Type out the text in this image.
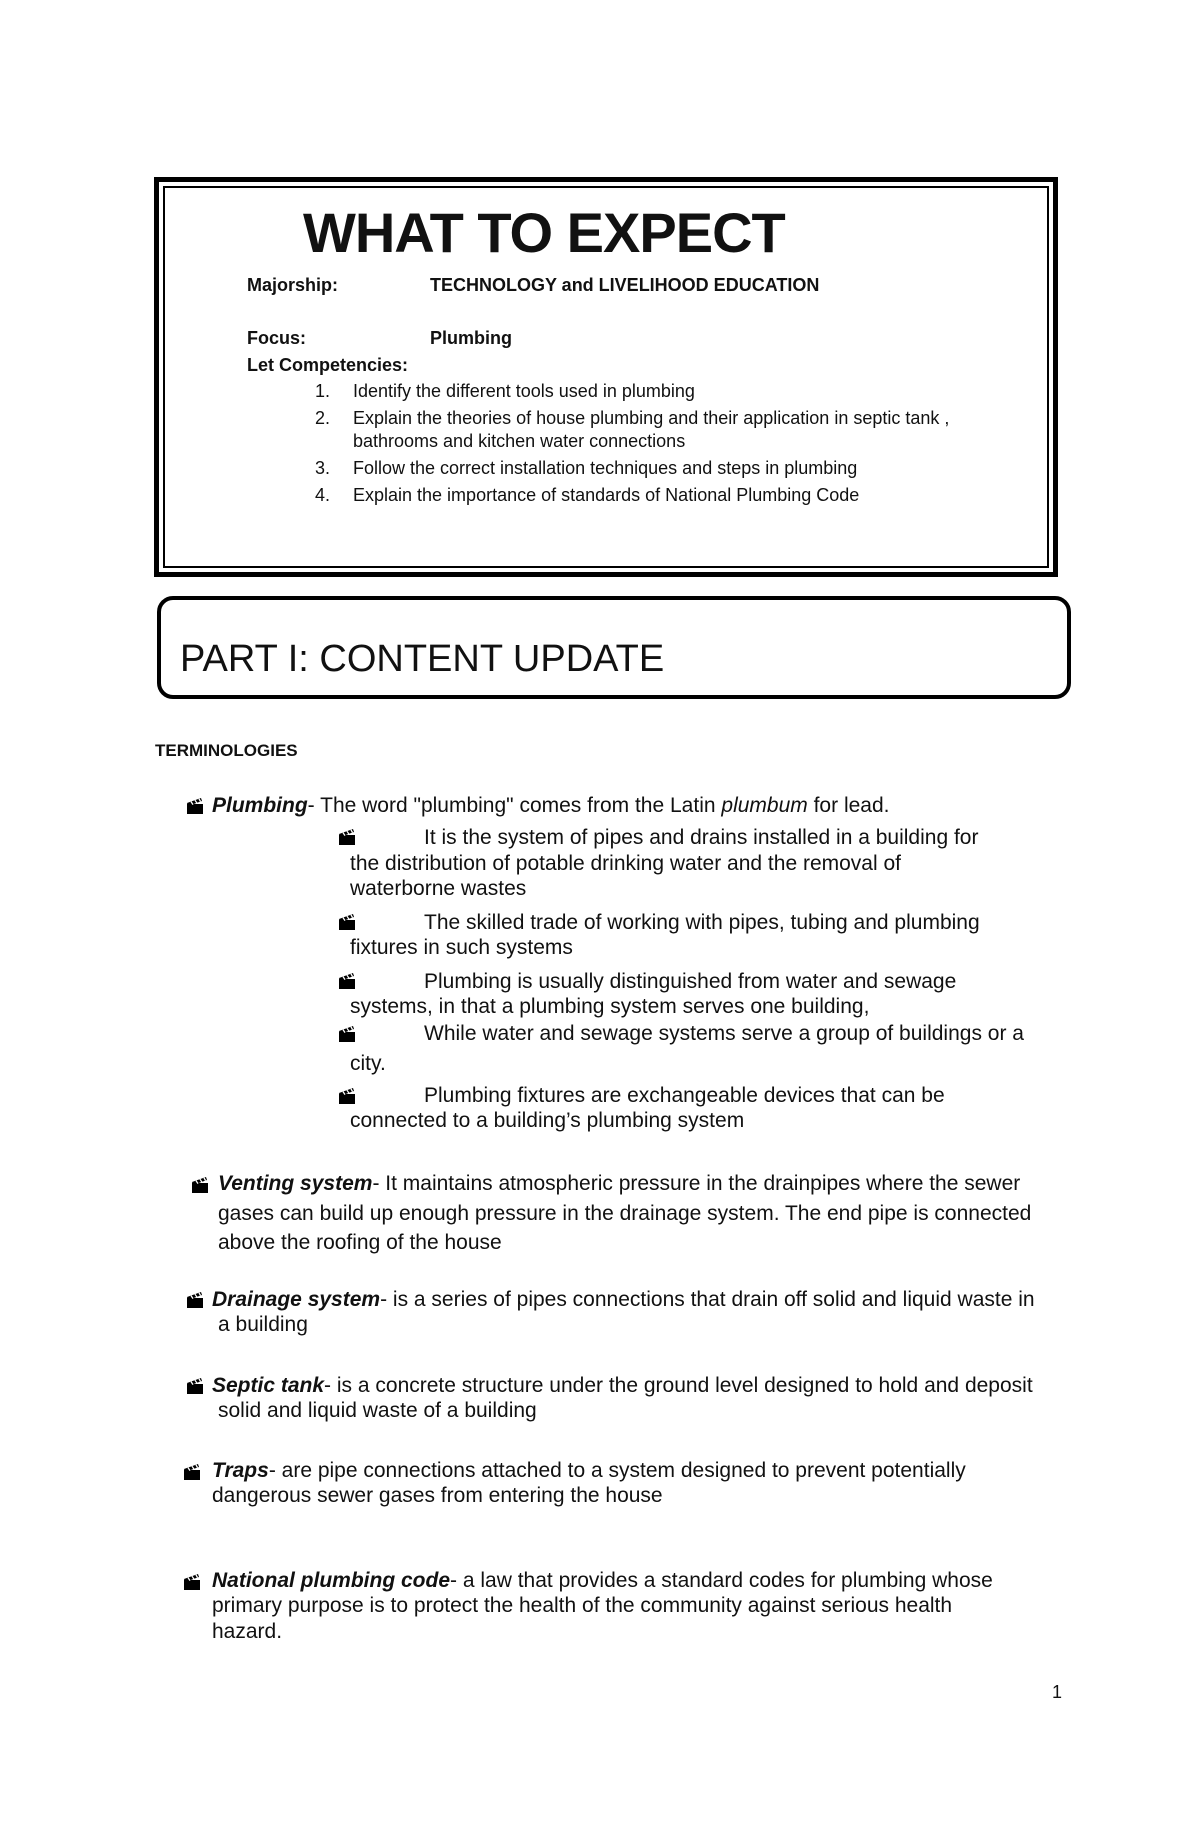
WHAT TO EXPECT
Majorship:	TECHNOLOGY and LIVELIHOOD EDUCATION
Focus:	Plumbing
Let Competencies:
1. Identify the different tools used in plumbing
2. Explain the theories of house plumbing and their application in septic tank ,
bathrooms and kitchen water connections
3. Follow the correct installation techniques and steps in plumbing
4. Explain the importance of standards of National Plumbing Code
PART I: CONTENT UPDATE
TERMINOLOGIES
Plumbing- The word "plumbing" comes from the Latin plumbum for lead.
It is the system of pipes and drains installed in a building for
the distribution of potable drinking water and the removal of
waterborne wastes
The skilled trade of working with pipes, tubing and plumbing
fixtures in such systems
Plumbing is usually distinguished from water and sewage
systems, in that a plumbing system serves one building,
While water and sewage systems serve a group of buildings or a
city.
Plumbing fixtures are exchangeable devices that can be
connected to a building’s plumbing system
Venting system- It maintains atmospheric pressure in the drainpipes where the sewer
gases can build up enough pressure in the drainage system. The end pipe is connected
above the roofing of the house
Drainage system- is a series of pipes connections that drain off solid and liquid waste in
a building
Septic tank- is a concrete structure under the ground level designed to hold and deposit
solid and liquid waste of a building
Traps- are pipe connections attached to a system designed to prevent potentially
dangerous sewer gases from entering the house
National plumbing code- a law that provides a standard codes for plumbing whose
primary purpose is to protect the health of the community against serious health
hazard.
1
